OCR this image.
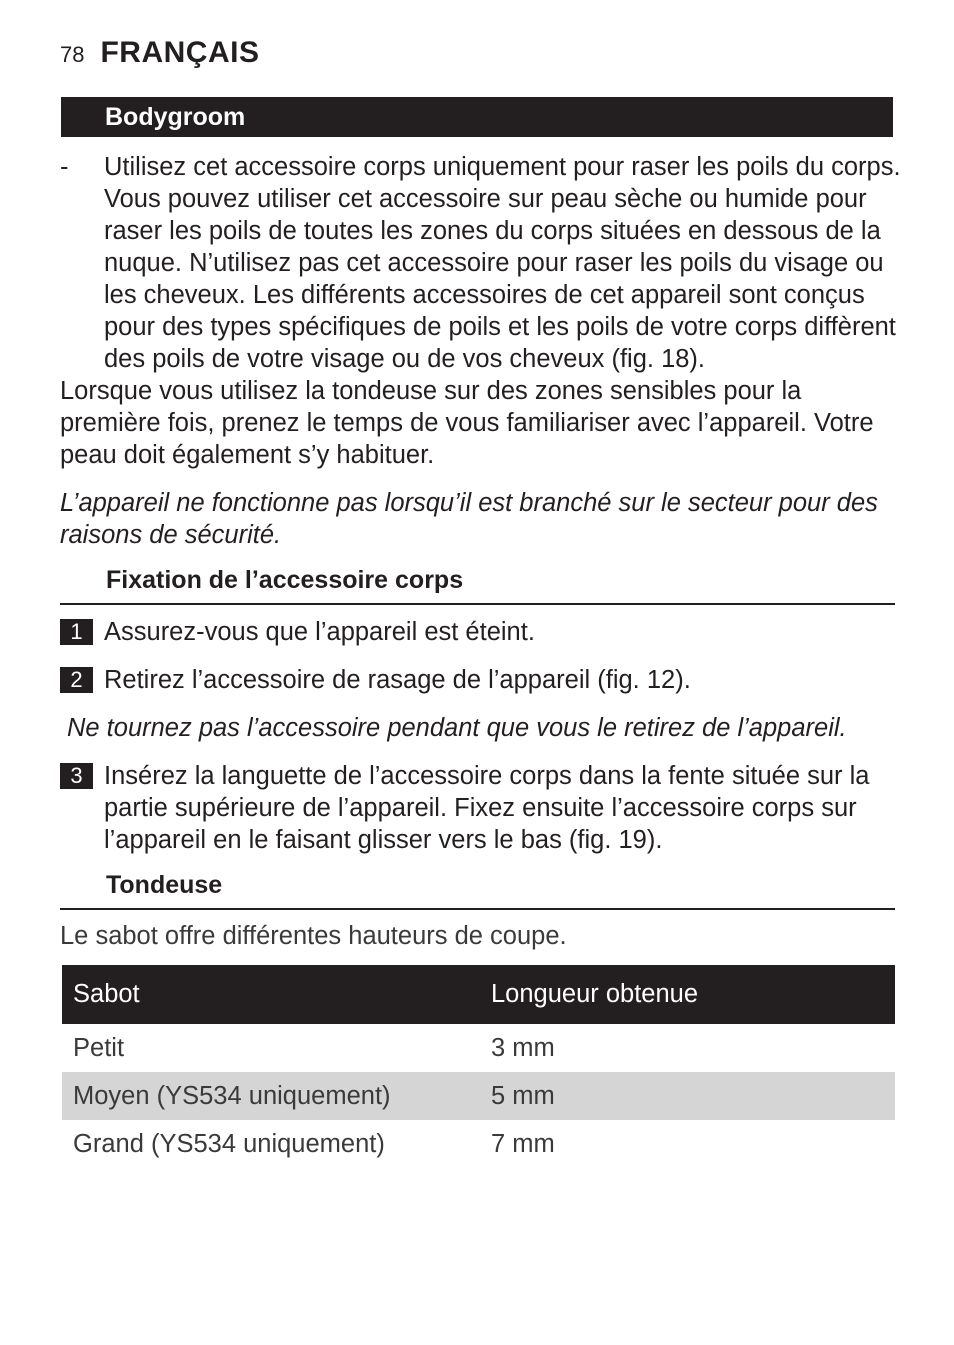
78 FRANÇAIS
Bodygroom
- Utilisez cet accessoire corps uniquement pour raser les poils du corps. Vous pouvez utiliser cet accessoire sur peau sèche ou humide pour raser les poils de toutes les zones du corps situées en dessous de la nuque. N’utilisez pas cet accessoire pour raser les poils du visage ou les cheveux. Les différents accessoires de cet appareil sont conçus pour des types spécifiques de poils et les poils de votre corps diffèrent des poils de votre visage ou de vos cheveux (fig. 18).
Lorsque vous utilisez la tondeuse sur des zones sensibles pour la première fois, prenez le temps de vous familiariser avec l’appareil. Votre peau doit également s’y habituer.
L’appareil ne fonctionne pas lorsqu’il est branché sur le secteur pour des raisons de sécurité.
Fixation de l’accessoire corps
1 Assurez-vous que l’appareil est éteint.
2 Retirez l’accessoire de rasage de l’appareil (fig. 12).
Ne tournez pas l’accessoire pendant que vous le retirez de l’appareil.
3 Insérez la languette de l’accessoire corps dans la fente située sur la partie supérieure de l’appareil. Fixez ensuite l’accessoire corps sur l’appareil en le faisant glisser vers le bas (fig. 19).
Tondeuse
Le sabot offre différentes hauteurs de coupe.
Sabot	Longueur obtenue
Petit	3 mm
Moyen (YS534 uniquement)	5 mm
Grand (YS534 uniquement)	7 mm
